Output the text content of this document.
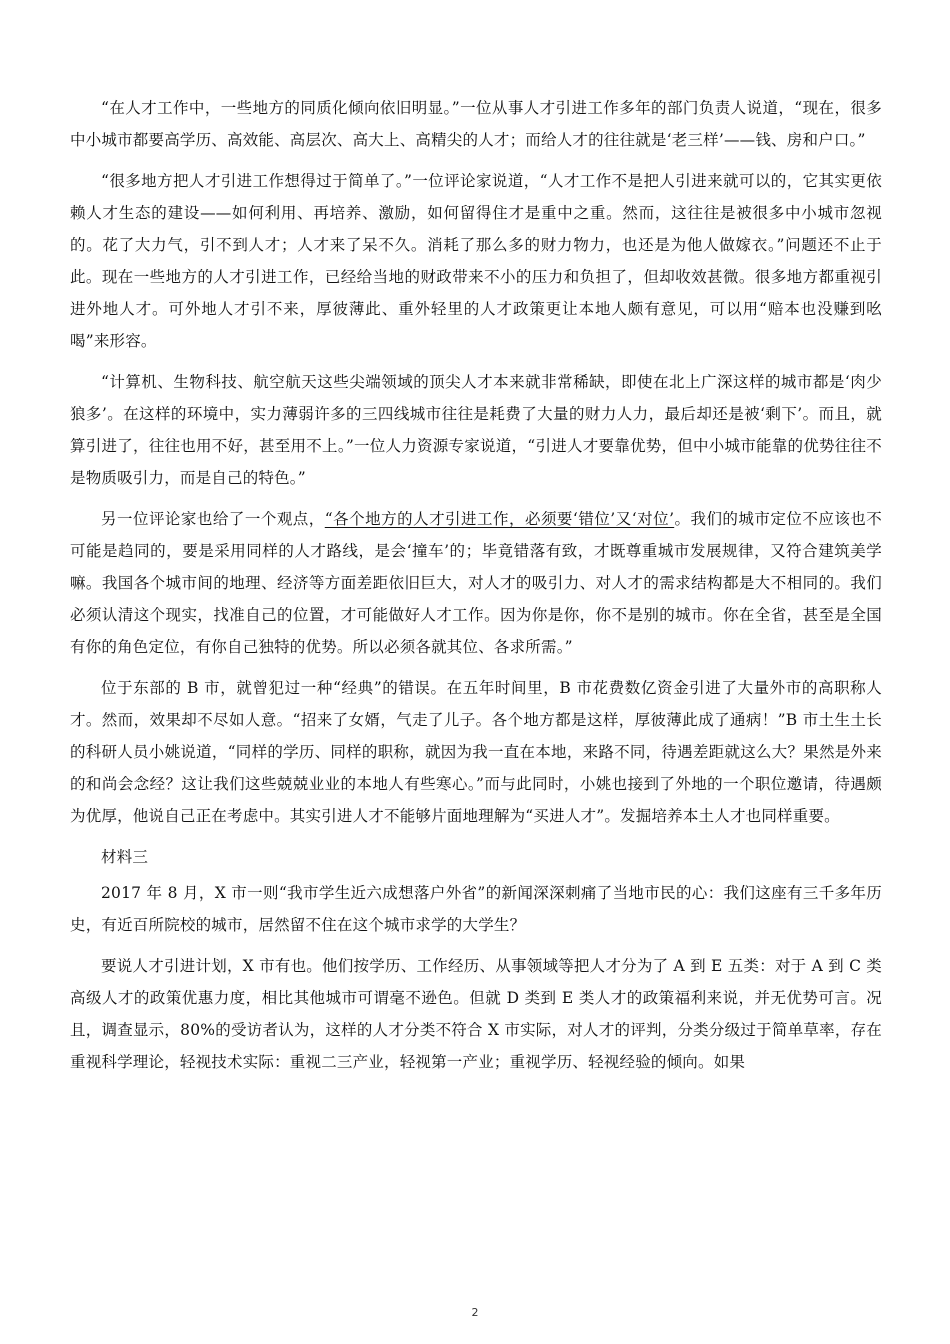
“在人才工作中，一些地方的同质化倾向依旧明显。”一位从事人才引进工作多年的部门负责人说道，“现在，很多中小城市都要高学历、高效能、高层次、高大上、高精尖的人才；而给人才的往往就是‘老三样’——钱、房和户口。”

“很多地方把人才引进工作想得过于简单了。”一位评论家说道，“人才工作不是把人引进来就可以的，它其实更依赖人才生态的建设——如何利用、再培养、激励，如何留得住才是重中之重。然而，这往往是被很多中小城市忽视的。花了大力气，引不到人才；人才来了呆不久。消耗了那么多的财力物力，也还是为他人做嫁衣。”问题还不止于此。现在一些地方的人才引进工作，已经给当地的财政带来不小的压力和负担了，但却收效甚微。很多地方都重视引进外地人才。可外地人才引不来，厚彼薄此、重外轻里的人才政策更让本地人颇有意见，可以用“赔本也没赚到吆喝”来形容。

“计算机、生物科技、航空航天这些尖端领域的顶尖人才本来就非常稀缺，即使在北上广深这样的城市都是‘肉少狼多’。在这样的环境中，实力薄弱许多的三四线城市往往是耗费了大量的财力人力，最后却还是被‘剩下’。而且，就算引进了，往往也用不好，甚至用不上。”一位人力资源专家说道，“引进人才要靠优势，但中小城市能靠的优势往往不是物质吸引力，而是自己的特色。”

另一位评论家也给了一个观点，“各个地方的人才引进工作，必须要‘错位’又‘对位’。我们的城市定位不应该也不可能是趋同的，要是采用同样的人才路线，是会‘撞车’的；毕竟错落有致，才既尊重城市发展规律，又符合建筑美学嘛。我国各个城市间的地理、经济等方面差距依旧巨大，对人才的吸引力、对人才的需求结构都是大不相同的。我们必须认清这个现实，找准自己的位置，才可能做好人才工作。因为你是你，你不是别的城市。你在全省，甚至是全国有你的角色定位，有你自己独特的优势。所以必须各就其位、各求所需。”

位于东部的 B 市，就曾犯过一种“经典”的错误。在五年时间里，B 市花费数亿资金引进了大量外市的高职称人才。然而，效果却不尽如人意。“招来了女婿，气走了儿子。各个地方都是这样，厚彼薄此成了通病！”B 市土生土长的科研人员小姚说道，“同样的学历、同样的职称，就因为我一直在本地，来路不同，待遇差距就这么大？果然是外来的和尚会念经？这让我们这些兢兢业业的本地人有些寒心。”而与此同时，小姚也接到了外地的一个职位邀请，待遇颇为优厚，他说自己正在考虑中。其实引进人才不能够片面地理解为“买进人才”。发掘培养本土人才也同样重要。

材料三

2017 年 8 月，X 市一则“我市学生近六成想落户外省”的新闻深深刺痛了当地市民的心：我们这座有三千多年历史，有近百所院校的城市，居然留不住在这个城市求学的大学生？

要说人才引进计划，X 市有也。他们按学历、工作经历、从事领域等把人才分为了 A 到 E 五类：对于 A 到 C 类高级人才的政策优惠力度，相比其他城市可谓毫不逊色。但就 D 类到 E 类人才的政策福利来说，并无优势可言。况且，调查显示，80%的受访者认为，这样的人才分类不符合 X 市实际，对人才的评判，分类分级过于简单草率，存在重视科学理论，轻视技术实际：重视二三产业，轻视第一产业；重视学历、轻视经验的倾向。如果

2
